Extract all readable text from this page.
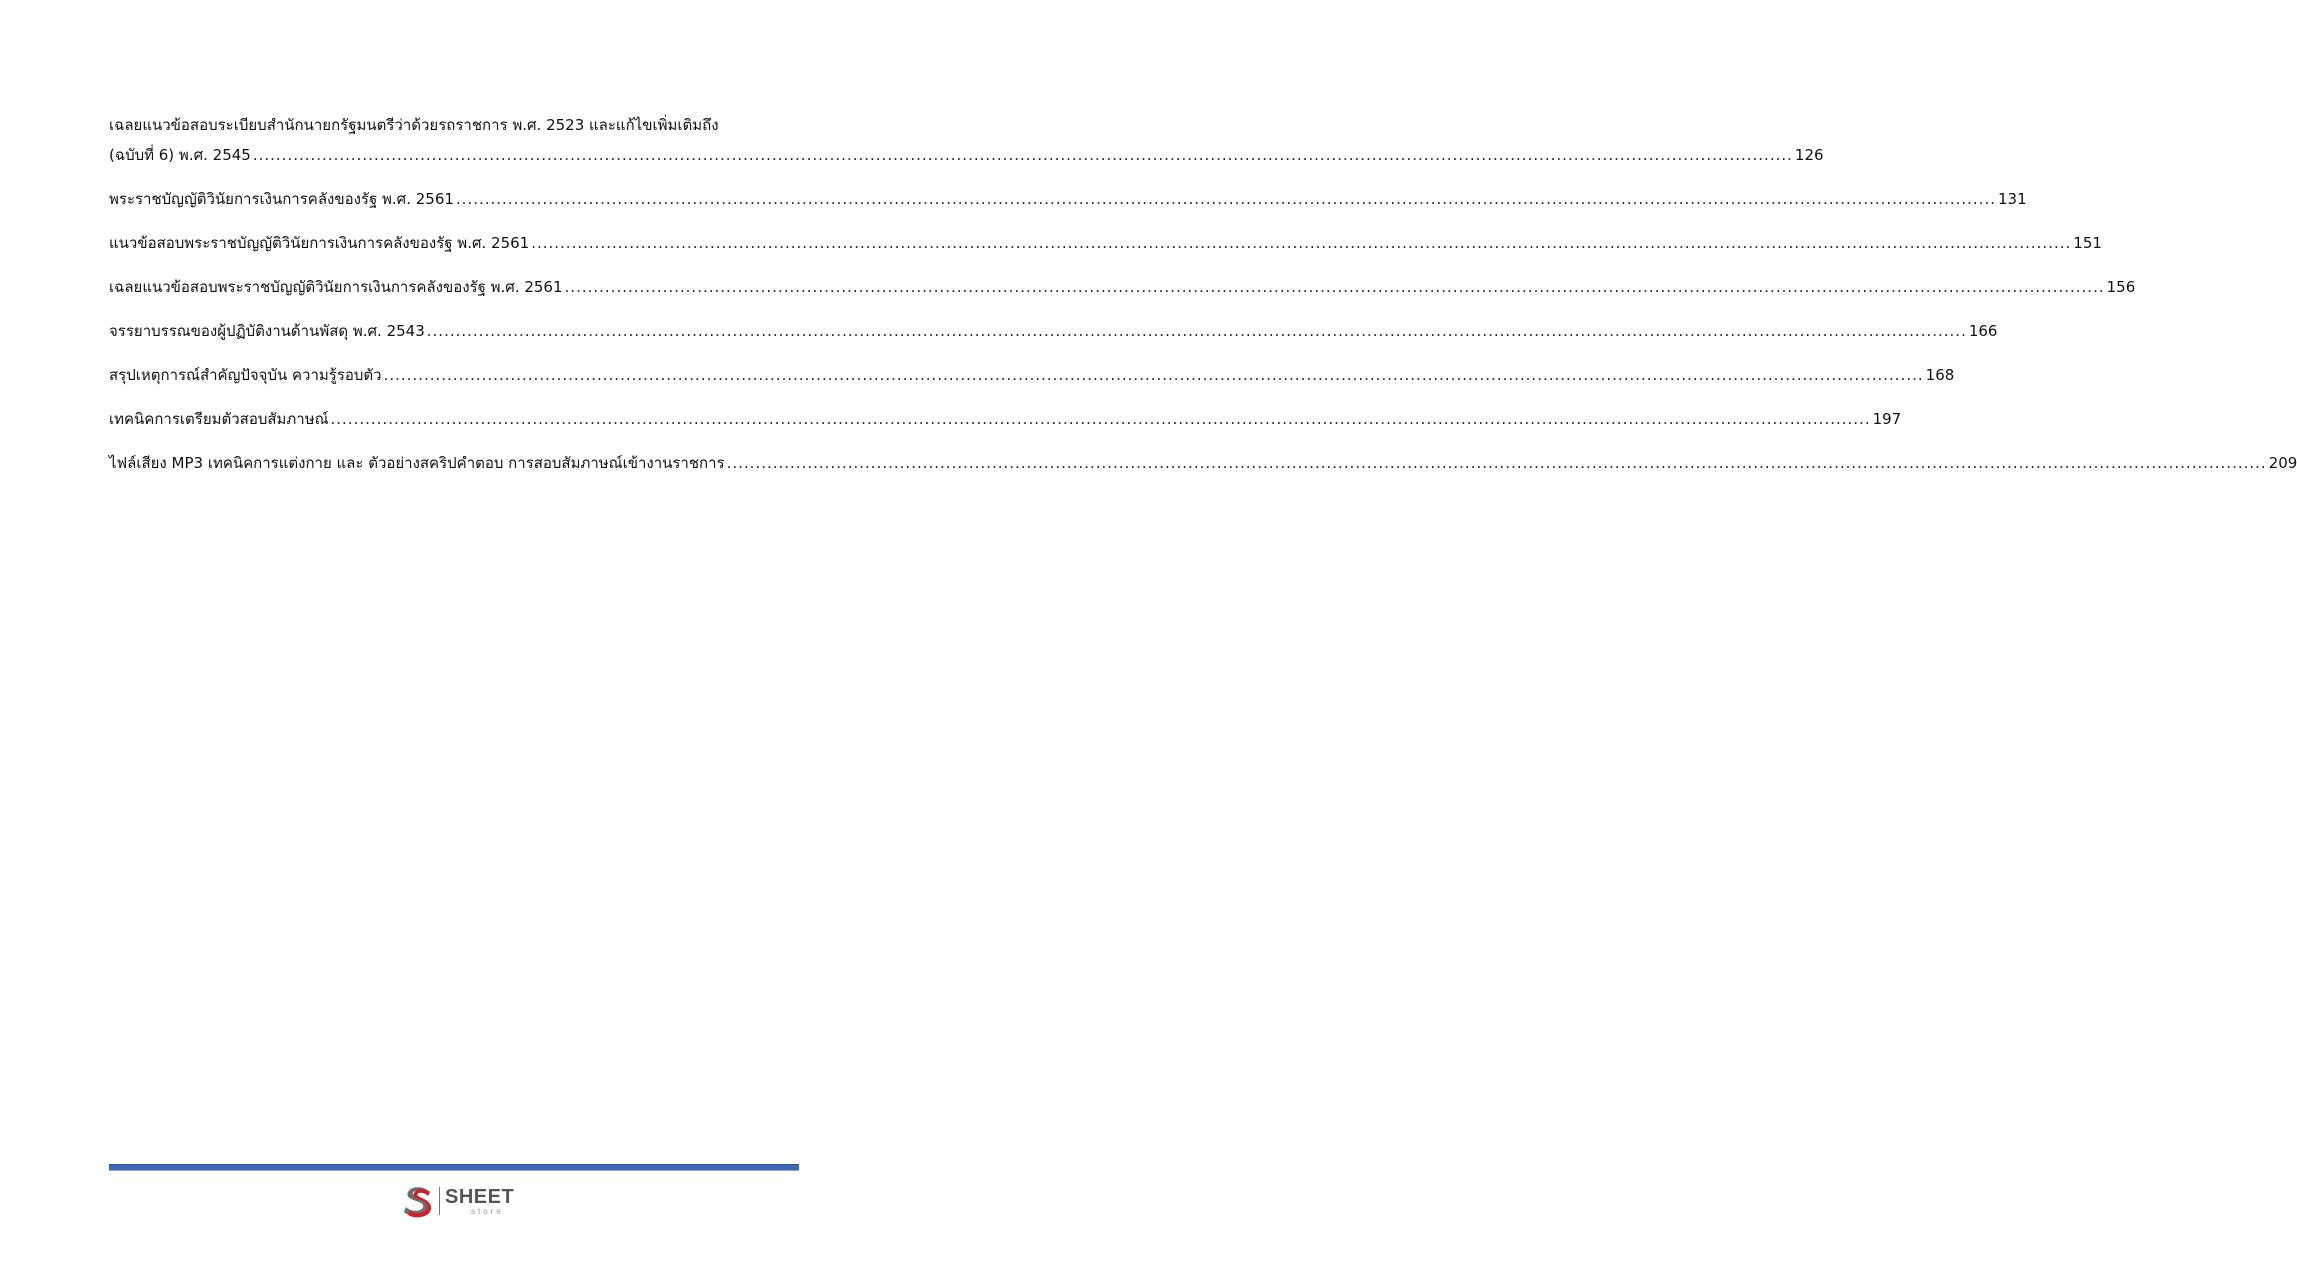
เฉลยแนวข้อสอบระเบียบสำนักนายกรัฐมนตรีว่าด้วยรถราชการ พ.ศ. 2523 และแก้ไขเพิ่มเติมถึง
(ฉบับที่ 6) พ.ศ. 2545 .....	126
พระราชบัญญัติวินัยการเงินการคลังของรัฐ พ.ศ. 2561 .....	131
แนวข้อสอบพระราชบัญญัติวินัยการเงินการคลังของรัฐ พ.ศ. 2561 .....	151
เฉลยแนวข้อสอบพระราชบัญญัติวินัยการเงินการคลังของรัฐ พ.ศ. 2561 .....	156
จรรยาบรรณของผู้ปฏิบัติงานด้านพัสดุ พ.ศ. 2543 .....	166
สรุปเหตุการณ์สำคัญปัจจุบัน ความรู้รอบตัว .....	168
เทคนิคการเตรียมตัวสอบสัมภาษณ์ .....	197
ไฟล์เสียง MP3 เทคนิคการแต่งกาย และ ตัวอย่างสคริปคำตอบ การสอบสัมภาษณ์เข้างานราชการ .....	209
SHEET
store
